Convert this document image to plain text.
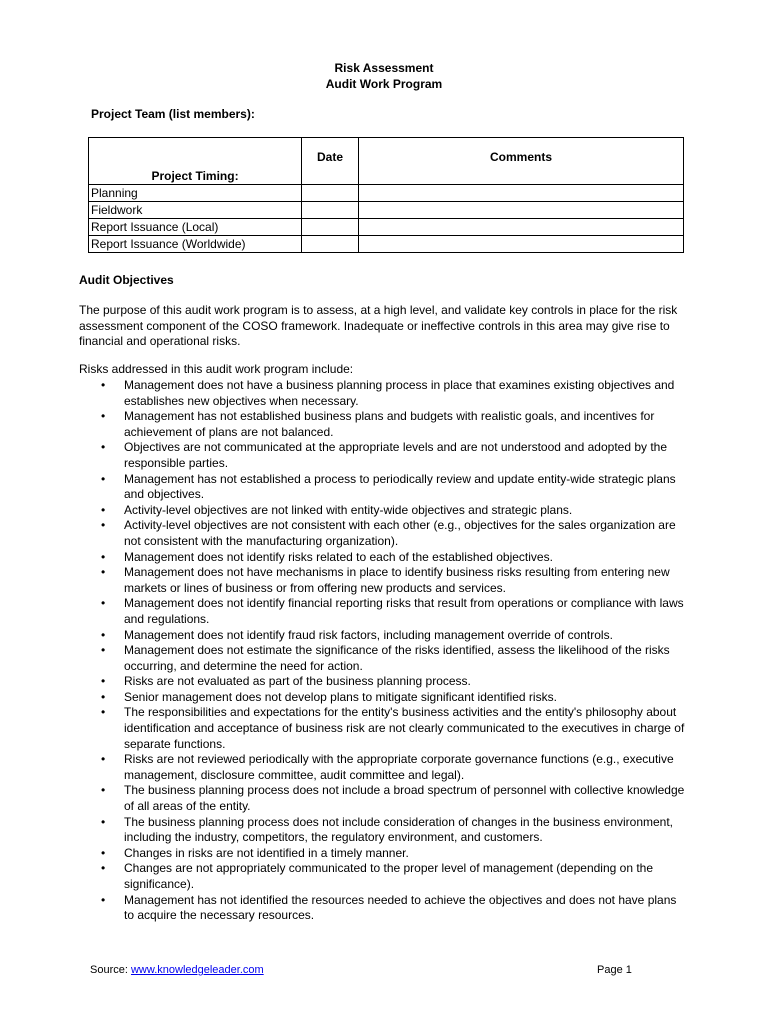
Risk Assessment
Audit Work Program
Project Team (list members):
Project Timing:	Date	Comments
Planning		
Fieldwork		
Report Issuance (Local)		
Report Issuance (Worldwide)		
Audit Objectives
The purpose of this audit work program is to assess, at a high level, and validate key controls in place for the risk assessment component of the COSO framework. Inadequate or ineffective controls in this area may give rise to financial and operational risks.
Risks addressed in this audit work program include:
• Management does not have a business planning process in place that examines existing objectives and establishes new objectives when necessary.
• Management has not established business plans and budgets with realistic goals, and incentives for achievement of plans are not balanced.
• Objectives are not communicated at the appropriate levels and are not understood and adopted by the responsible parties.
• Management has not established a process to periodically review and update entity-wide strategic plans and objectives.
• Activity-level objectives are not linked with entity-wide objectives and strategic plans.
• Activity-level objectives are not consistent with each other (e.g., objectives for the sales organization are not consistent with the manufacturing organization).
• Management does not identify risks related to each of the established objectives.
• Management does not have mechanisms in place to identify business risks resulting from entering new markets or lines of business or from offering new products and services.
• Management does not identify financial reporting risks that result from operations or compliance with laws and regulations.
• Management does not identify fraud risk factors, including management override of controls.
• Management does not estimate the significance of the risks identified, assess the likelihood of the risks occurring, and determine the need for action.
• Risks are not evaluated as part of the business planning process.
• Senior management does not develop plans to mitigate significant identified risks.
• The responsibilities and expectations for the entity's business activities and the entity's philosophy about identification and acceptance of business risk are not clearly communicated to the executives in charge of separate functions.
• Risks are not reviewed periodically with the appropriate corporate governance functions (e.g., executive management, disclosure committee, audit committee and legal).
• The business planning process does not include a broad spectrum of personnel with collective knowledge of all areas of the entity.
• The business planning process does not include consideration of changes in the business environment, including the industry, competitors, the regulatory environment, and customers.
• Changes in risks are not identified in a timely manner.
• Changes are not appropriately communicated to the proper level of management (depending on the significance).
• Management has not identified the resources needed to achieve the objectives and does not have plans to acquire the necessary resources.
Source: www.knowledgeleader.com	Page 1
